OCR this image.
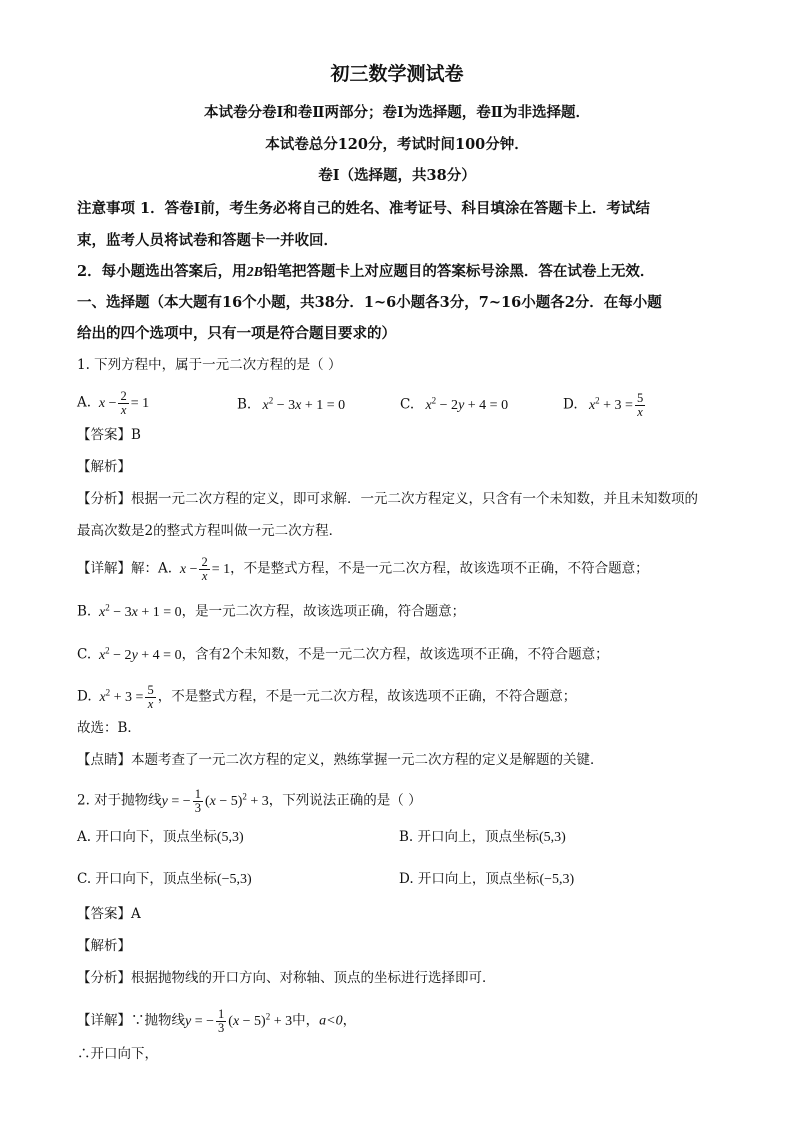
初三数学测试卷
本试卷分卷Ⅰ和卷Ⅱ两部分；卷Ⅰ为选择题，卷Ⅱ为非选择题．
本试卷总分120分，考试时间100分钟．
卷Ⅰ（选择题，共38分）
注意事项 1．答卷Ⅰ前，考生务必将自己的姓名、准考证号、科目填涂在答题卡上．考试结
束，监考人员将试卷和答题卡一并收回．
2．每小题选出答案后，用2B铅笔把答题卡上对应题目的答案标号涂黑．答在试卷上无效．
一、选择题（本大题有16个小题，共38分．1~6小题各3分，7~16小题各2分．在每小题
给出的四个选项中，只有一项是符合题目要求的）
1. 下列方程中，属于一元二次方程的是（ ）
A.  $x - \frac{2}{x} = 1$	B.   $x^2 - 3x + 1 = 0$	C.   $x^2 - 2y + 4 = 0$	D.   $x^2 + 3 = \frac{5}{x}$
【答案】B
【解析】
【分析】根据一元二次方程的定义，即可求解．一元二次方程定义，只含有一个未知数，并且未知数项的
最高次数是2的整式方程叫做一元二次方程．
【详解】解：A.  $x - \frac{2}{x} = 1$，不是整式方程，不是一元二次方程，故该选项不正确，不符合题意；
B.  $x^2 - 3x + 1 = 0$，是一元二次方程，故该选项正确，符合题意；
C.  $x^2 - 2y + 4 = 0$，含有2个未知数，不是一元二次方程，故该选项不正确，不符合题意；
D.  $x^2 + 3 = \frac{5}{x}$ ，不是整式方程，不是一元二次方程，故该选项不正确，不符合题意；
故选：B．
【点睛】本题考查了一元二次方程的定义，熟练掌握一元二次方程的定义是解题的关键．
2. 对于抛物线y = − $\frac{1}{3} (x - 5)^2 + 3$，下列说法正确的是（ ）
A. 开口向下，顶点坐标(5,3)	B. 开口向上，顶点坐标(5,3)
C. 开口向下，顶点坐标(−5,3)	D. 开口向上，顶点坐标(−5,3)
【答案】A
【解析】
【分析】根据抛物线的开口方向、对称轴、顶点的坐标进行选择即可．
【详解】∵抛物线y = − $\frac{1}{3} (x - 5)^2 + 3$中，a<0，
∴开口向下，
